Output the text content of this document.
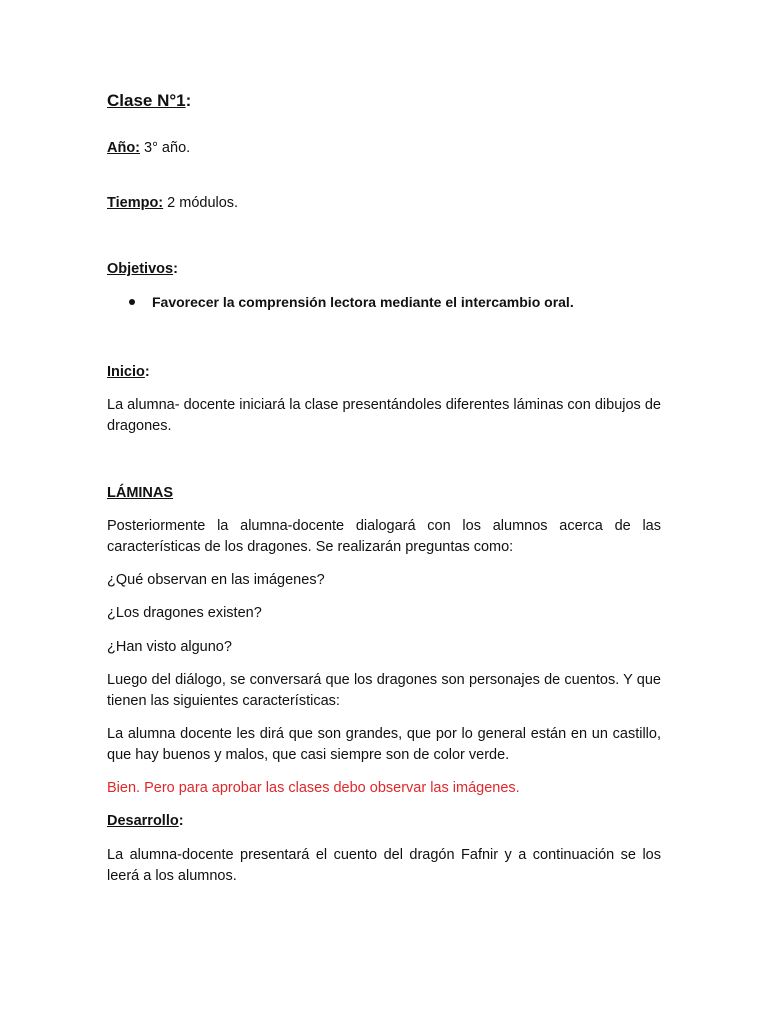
Clase N°1:
Año: 3° año.
Tiempo: 2 módulos.
Objetivos:
Favorecer la comprensión lectora mediante el intercambio oral.
Inicio:

La alumna- docente iniciará la clase presentándoles diferentes láminas con dibujos de dragones.

LÁMINAS

Posteriormente la alumna-docente dialogará con los alumnos acerca de las características de los dragones. Se realizarán preguntas como:

¿Qué observan en las imágenes?

¿Los dragones existen?

¿Han visto alguno?

Luego del diálogo, se conversará que los dragones son personajes de cuentos. Y que tienen las siguientes características:

La alumna docente les dirá que son grandes, que por lo general están en un castillo, que hay buenos y malos, que casi siempre son de color verde.

Bien. Pero para aprobar las clases debo observar las imágenes.

Desarrollo:

La alumna-docente presentará el cuento del dragón Fafnir y a continuación se los leerá a los alumnos.
